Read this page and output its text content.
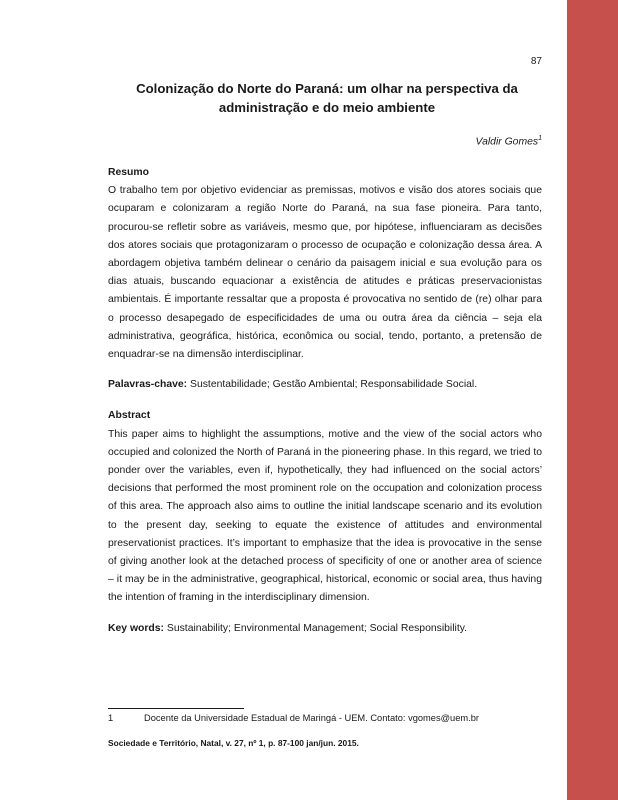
87
Colonização do Norte do Paraná: um olhar na perspectiva da administração e do meio ambiente
Valdir Gomes$^1$

Resumo

O trabalho tem por objetivo evidenciar as premissas, motivos e visão dos atores sociais que ocuparam e colonizaram a região Norte do Paraná, na sua fase pioneira. Para tanto, procurou-se refletir sobre as variáveis, mesmo que, por hipótese, influenciaram as decisões dos atores sociais que protagonizaram o processo de ocupação e colonização dessa área. A abordagem objetiva também delinear o cenário da paisagem inicial e sua evolução para os dias atuais, buscando equacionar a existência de atitudes e práticas preservacionistas ambientais. É importante ressaltar que a proposta é provocativa no sentido de (re) olhar para o processo desapegado de especificidades de uma ou outra área da ciência – seja ela administrativa, geográfica, histórica, econômica ou social, tendo, portanto, a pretensão de enquadrar-se na dimensão interdisciplinar.

Palavras-chave: Sustentabilidade; Gestão Ambiental; Responsabilidade Social.

Abstract

This paper aims to highlight the assumptions, motive and the view of the social actors who occupied and colonized the North of Paraná in the pioneering phase. In this regard, we tried to ponder over the variables, even if, hypothetically, they had influenced on the social actors’ decisions that performed the most prominent role on the occupation and colonization process of this area. The approach also aims to outline the initial landscape scenario and its evolution to the present day, seeking to equate the existence of attitudes and environmental preservationist practices. It’s important to emphasize that the idea is provocative in the sense of giving another look at the detached process of specificity of one or another area of science – it may be in the administrative, geographical, historical, economic or social area, thus having the intention of framing in the interdisciplinary dimension.

Key words: Sustainability; Environmental Management; Social Responsibility.

1	Docente da Universidade Estadual de Maringá - UEM. Contato: vgomes@uem.br
Sociedade e Território, Natal, v. 27, nº 1, p. 87-100 jan/jun. 2015.
